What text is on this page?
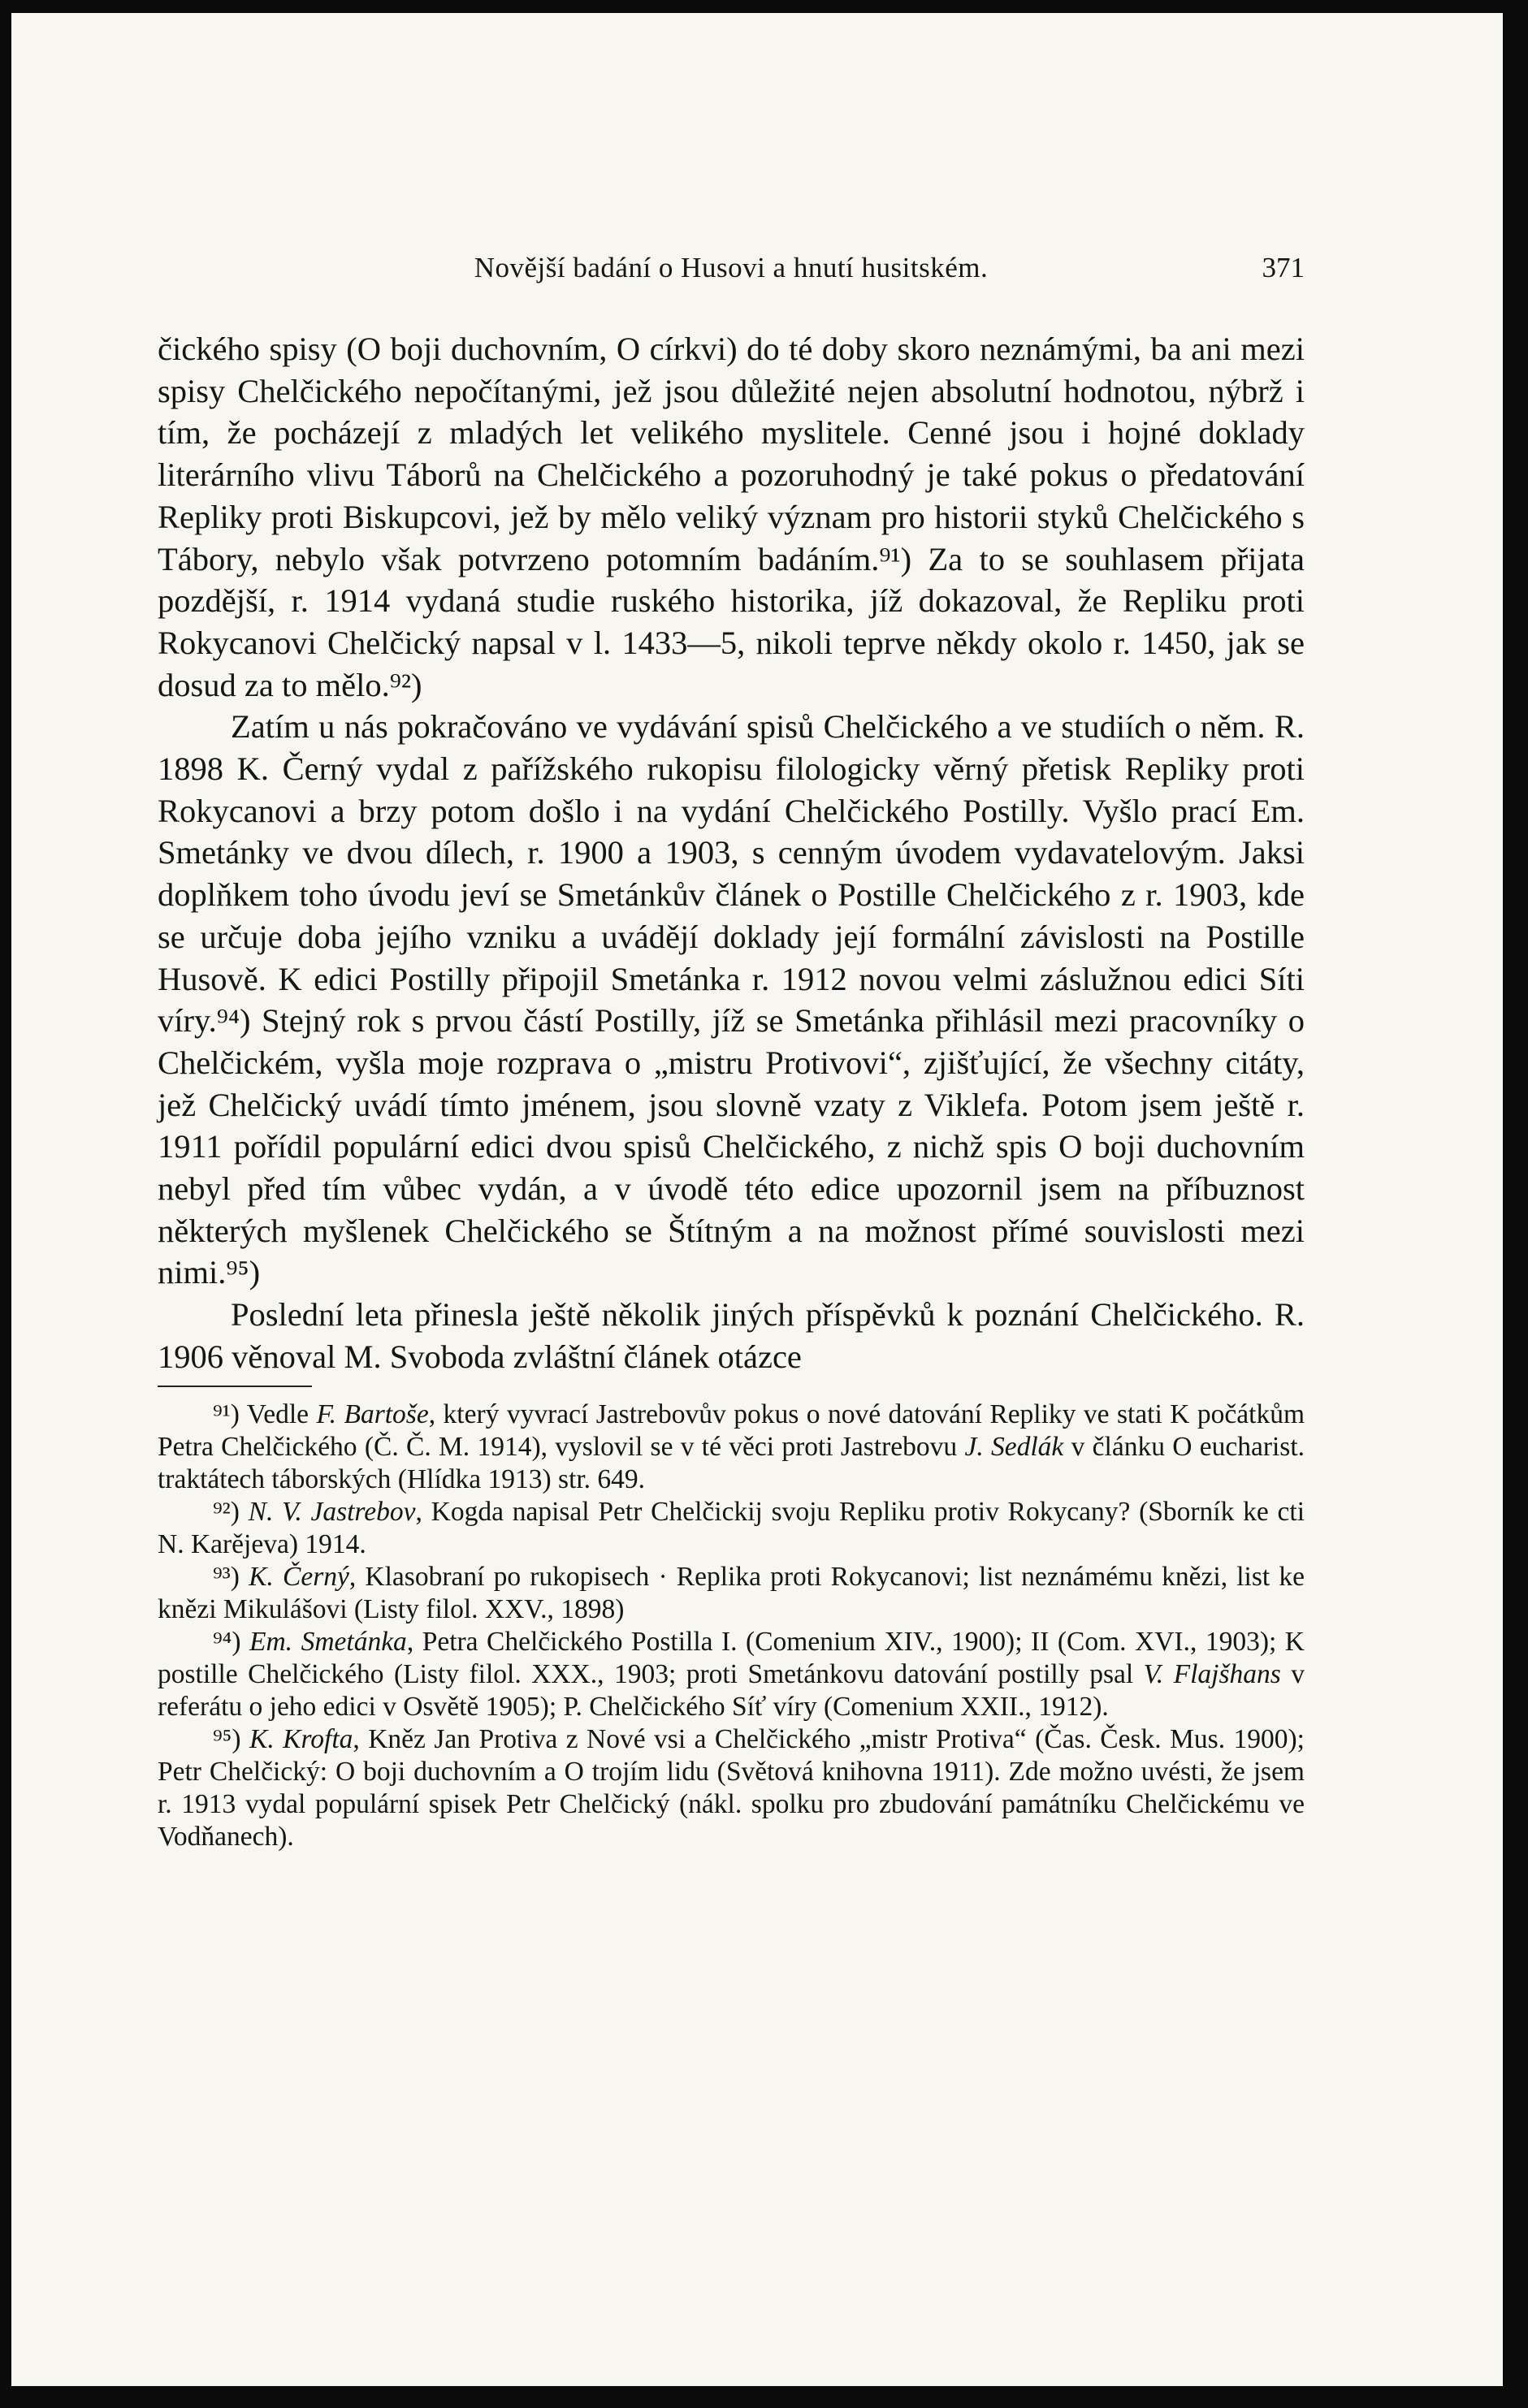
Novější badání o Husovi a hnutí husitském.	371

čického spisy (O boji duchovním, O církvi) do té doby skoro neznámými, ba ani mezi spisy Chelčického nepočítanými, jež jsou důležité nejen absolutní hodnotou, nýbrž i tím, že pocházejí z mladých let velikého myslitele. Cenné jsou i hojné doklady literárního vlivu Táborů na Chelčického a pozoruhodný je také pokus o předatování Repliky proti Biskupcovi, jež by mělo veliký význam pro historii styků Chelčického s Tábory, nebylo však potvrzeno potomním badáním.⁹¹) Za to se souhlasem přijata pozdější, r. 1914 vydaná studie ruského historika, jíž dokazoval, že Repliku proti Rokycanovi Chelčický napsal v l. 1433—5, nikoli teprve někdy okolo r. 1450, jak se dosud za to mělo.⁹²)

Zatím u nás pokračováno ve vydávání spisů Chelčického a ve studiích o něm. R. 1898 K. Černý vydal z pařížského rukopisu filologicky věrný přetisk Repliky proti Rokycanovi a brzy potom došlo i na vydání Chelčického Postilly. Vyšlo prací Em. Smetánky ve dvou dílech, r. 1900 a 1903, s cenným úvodem vydavatelovým. Jaksi doplňkem toho úvodu jeví se Smetánkův článek o Postille Chelčického z r. 1903, kde se určuje doba jejího vzniku a uvádějí doklady její formální závislosti na Postille Husově. K edici Postilly připojil Smetánka r. 1912 novou velmi záslužnou edici Síti víry.⁹⁴) Stejný rok s prvou částí Postilly, jíž se Smetánka přihlásil mezi pracovníky o Chelčickém, vyšla moje rozprava o „mistru Protivovi“, zjišťující, že všechny citáty, jež Chelčický uvádí tímto jménem, jsou slovně vzaty z Viklefa. Potom jsem ještě r. 1911 pořídil populární edici dvou spisů Chelčického, z nichž spis O boji duchovním nebyl před tím vůbec vydán, a v úvodě této edice upozornil jsem na příbuznost některých myšlenek Chelčického se Štítným a na možnost přímé souvislosti mezi nimi.⁹⁵)

Poslední leta přinesla ještě několik jiných příspěvků k poznání Chelčického. R. 1906 věnoval M. Svoboda zvláštní článek otázce

⁹¹) Vedle F. Bartoše, který vyvrací Jastrebovův pokus o nové datování Repliky ve stati K počátkům Petra Chelčického (Č. Č. M. 1914), vyslovil se v té věci proti Jastrebovu J. Sedlák v článku O eucharist. traktátech táborských (Hlídka 1913) str. 649.

⁹²) N. V. Jastrebov, Kogda napisal Petr Chelčickij svoju Repliku protiv Rokycany? (Sborník ke cti N. Karějeva) 1914.

⁹³) K. Černý, Klasobraní po rukopisech · Replika proti Rokycanovi; list neznámému knězi, list ke knězi Mikulášovi (Listy filol. XXV., 1898)

⁹⁴) Em. Smetánka, Petra Chelčického Postilla I. (Comenium XIV., 1900); II (Com. XVI., 1903); K postille Chelčického (Listy filol. XXX., 1903; proti Smetánkovu datování postilly psal V. Flajšhans v referátu o jeho edici v Osvětě 1905); P. Chelčického Síť víry (Comenium XXII., 1912).

⁹⁵) K. Krofta, Kněz Jan Protiva z Nové vsi a Chelčického „mistr Protiva“ (Čas. Česk. Mus. 1900); Petr Chelčický: O boji duchovním a O trojím lidu (Světová knihovna 1911). Zde možno uvésti, že jsem r. 1913 vydal populární spisek Petr Chelčický (nákl. spolku pro zbudování památníku Chelčickému ve Vodňanech).
